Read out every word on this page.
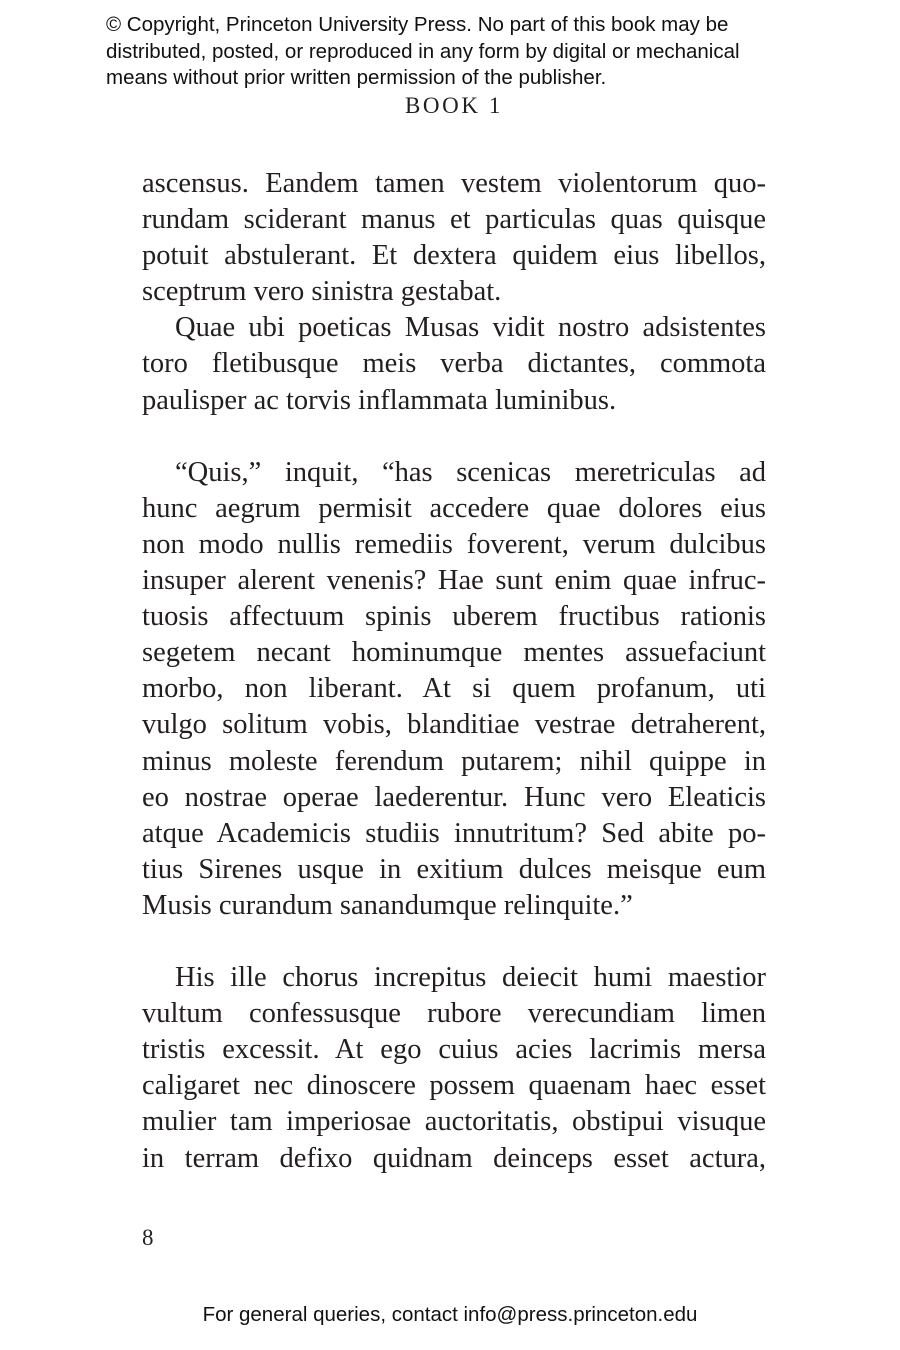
© Copyright, Princeton University Press. No part of this book may be
distributed, posted, or reproduced in any form by digital or mechanical
means without prior written permission of the publisher.
BOOK 1

ascensus. Eandem tamen vestem violentorum quo-
rundam sciderant manus et particulas quas quisque
potuit abstulerant. Et dextera quidem eius libellos,
sceptrum vero sinistra gestabat.

Quae ubi poeticas Musas vidit nostro adsistentes
toro fletibusque meis verba dictantes, commota
paulisper ac torvis inflammata luminibus.

“Quis,” inquit, “has scenicas meretriculas ad
hunc aegrum permisit accedere quae dolores eius
non modo nullis remediis foverent, verum dulcibus
insuper alerent venenis? Hae sunt enim quae infruc-
tuosis affectuum spinis uberem fructibus rationis
segetem necant hominumque mentes assuefaciunt
morbo, non liberant. At si quem profanum, uti
vulgo solitum vobis, blanditiae vestrae detraherent,
minus moleste ferendum putarem; nihil quippe in
eo nostrae operae laederentur. Hunc vero Eleaticis
atque Academicis studiis innutritum? Sed abite po-
tius Sirenes usque in exitium dulces meisque eum
Musis curandum sanandumque relinquite.”

His ille chorus increpitus deiecit humi maestior
vultum confessusque rubore verecundiam limen
tristis excessit. At ego cuius acies lacrimis mersa
caligaret nec dinoscere possem quaenam haec esset
mulier tam imperiosae auctoritatis, obstipui visuque
in terram defixo quidnam deinceps esset actura,

8
For general queries, contact info@press.princeton.edu
